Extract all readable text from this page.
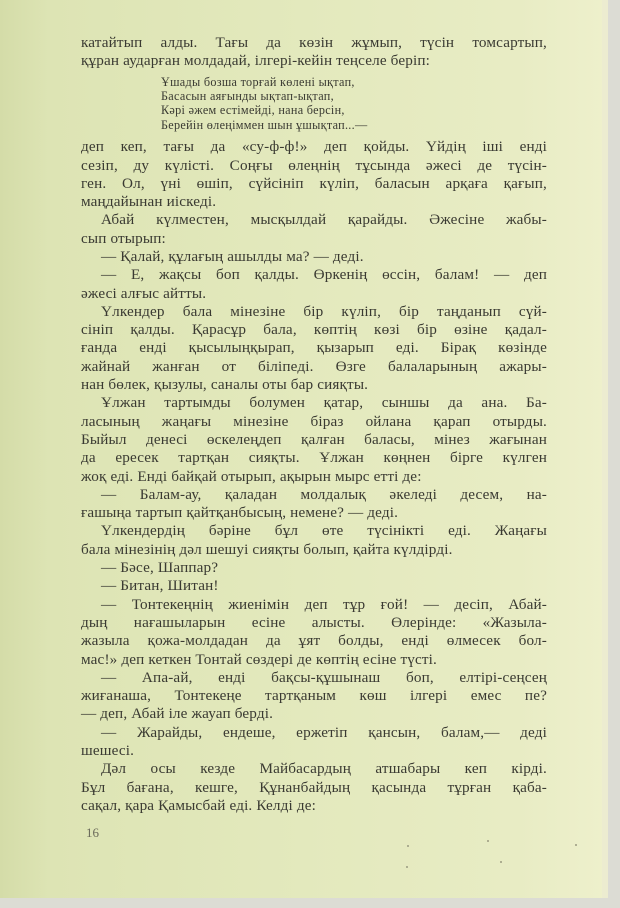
катайтып алды. Тағы да көзін жұмып, түсін томсартып,
құран аударған молдадай, ілгері-кейін теңселе беріп:
Ұшады бозша торғай көлені ықтап,
Басасын аяғынды ықтап-ықтап,
Кәрі әжем естімейді, нана берсін,
Берейін өлеңіммен шын ұшықтап...—
деп кеп, тағы да «су-ф-ф!» деп қойды. Үйдің іші енді
сезіп, ду күлісті. Соңғы өлеңнің тұсында әжесі де түсін-
ген. Ол, үні өшіп, сүйсініп күліп, баласын арқаға қағып,
маңдайынан иіскеді.
Абай күлместен, мысқылдай қарайды. Әжесіне жабы-
сып отырып:
— Қалай, құлағың ашылды ма? — деді.
— Е, жақсы боп қалды. Өркенің өссін, балам! — деп
әжесі алғыс айтты.
Үлкендер бала мінезіне бір күліп, бір таңданып сүй-
сініп қалды. Қарасұр бала, көптің көзі бір өзіне қадал-
ғанда енді қысылыңқырап, қызарып еді. Бірақ көзінде
жайнай жанған от біліпеді. Өзге балаларының ажары-
нан бөлек, қызулы, саналы оты бар сияқты.
Ұлжан тартымды болумен қатар, сыншы да ана. Ба-
ласының жаңағы мінезіне біраз ойлана қарап отырды.
Быйыл денесі өскелеңдеп қалған баласы, мінез жағынан
да ересек тартқан сияқты. Ұлжан көңнен бірге күлген
жоқ еді. Енді байқай отырып, ақырын мырс етті де:
— Балам-ау, қаладан молдалық әкеледі десем, на-
ғашыңа тартып қайтқанбысың, немене? — деді.
Үлкендердің бәріне бұл өте түсінікті еді. Жаңағы
бала мінезінің дәл шешуі сияқты болып, қайта күлдірді.
— Бәсе, Шаппар?
— Битан, Шитан!
— Тонтекеңнің жиенімін деп тұр ғой! — десіп, Абай-
дың нағашыларын есіне алысты. Өлерінде: «Жазыла-
жазыла қожа-молдадан да ұят болды, енді өлмесек бол-
мас!» деп кеткен Тонтай сөздері де көптің есіне түсті.
— Апа-ай, енді бақсы-құшынаш боп, елтірі-сеңсең
жиғанаша, Тонтекеңе тартқаным көш ілгері емес пе?
— деп, Абай іле жауап берді.
— Жарайды, ендеше, ержетіп қансын, балам,— деді
шешесі.
Дәл осы кезде Майбасардың атшабары кеп кірді.
Бұл бағана, кешге, Құнанбайдың қасында тұрған қаба-
сақал, қара Қамысбай еді. Келді де:
16
